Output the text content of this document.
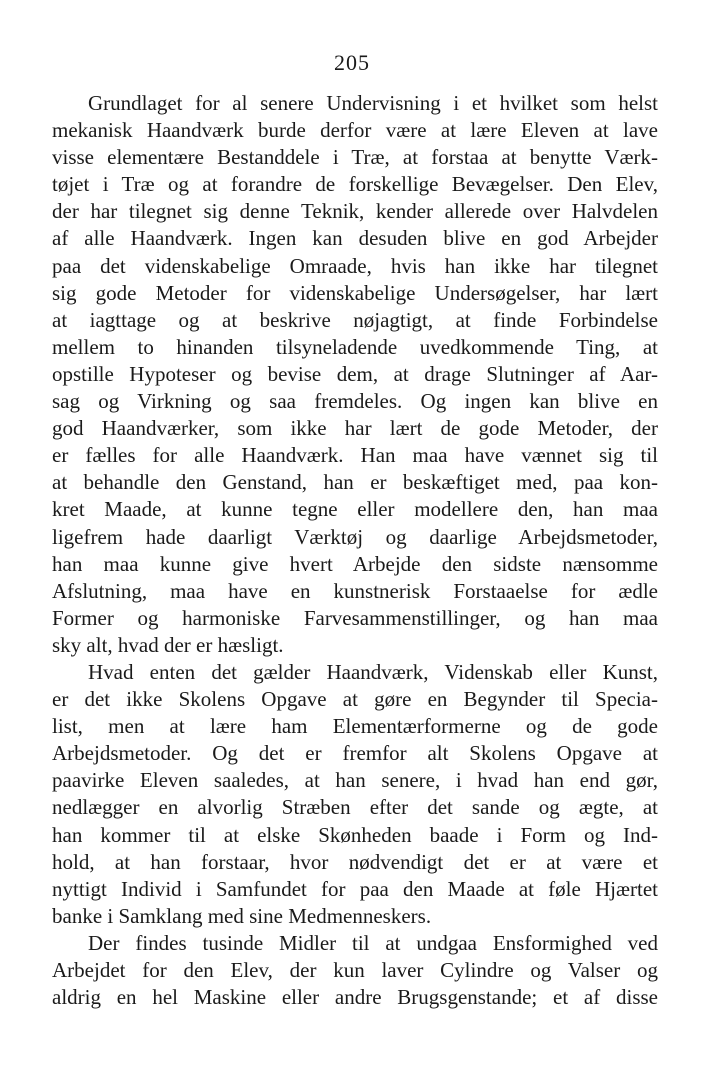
205
Grundlaget for al senere Undervisning i et hvilket som helst
mekanisk Haandværk burde derfor være at lære Eleven at lave
visse elementære Bestanddele i Træ, at forstaa at benytte Værk-
tøjet i Træ og at forandre de forskellige Bevægelser. Den Elev,
der har tilegnet sig denne Teknik, kender allerede over Halvdelen
af alle Haandværk. Ingen kan desuden blive en god Arbejder
paa det videnskabelige Omraade, hvis han ikke har tilegnet
sig gode Metoder for videnskabelige Undersøgelser, har lært
at iagttage og at beskrive nøjagtigt, at finde Forbindelse
mellem to hinanden tilsyneladende uvedkommende Ting, at
opstille Hypoteser og bevise dem, at drage Slutninger af Aar-
sag og Virkning og saa fremdeles. Og ingen kan blive en
god Haandværker, som ikke har lært de gode Metoder, der
er fælles for alle Haandværk. Han maa have vænnet sig til
at behandle den Genstand, han er beskæftiget med, paa kon-
kret Maade, at kunne tegne eller modellere den, han maa
ligefrem hade daarligt Værktøj og daarlige Arbejdsmetoder,
han maa kunne give hvert Arbejde den sidste nænsomme
Afslutning, maa have en kunstnerisk Forstaaelse for ædle
Former og harmoniske Farvesammenstillinger, og han maa
sky alt, hvad der er hæsligt.
Hvad enten det gælder Haandværk, Videnskab eller Kunst,
er det ikke Skolens Opgave at gøre en Begynder til Specia-
list, men at lære ham Elementærformerne og de gode
Arbejdsmetoder. Og det er fremfor alt Skolens Opgave at
paavirke Eleven saaledes, at han senere, i hvad han end gør,
nedlægger en alvorlig Stræben efter det sande og ægte, at
han kommer til at elske Skønheden baade i Form og Ind-
hold, at han forstaar, hvor nødvendigt det er at være et
nyttigt Individ i Samfundet for paa den Maade at føle Hjærtet
banke i Samklang med sine Medmenneskers.
Der findes tusinde Midler til at undgaa Ensformighed ved
Arbejdet for den Elev, der kun laver Cylindre og Valser og
aldrig en hel Maskine eller andre Brugsgenstande; et af disse
